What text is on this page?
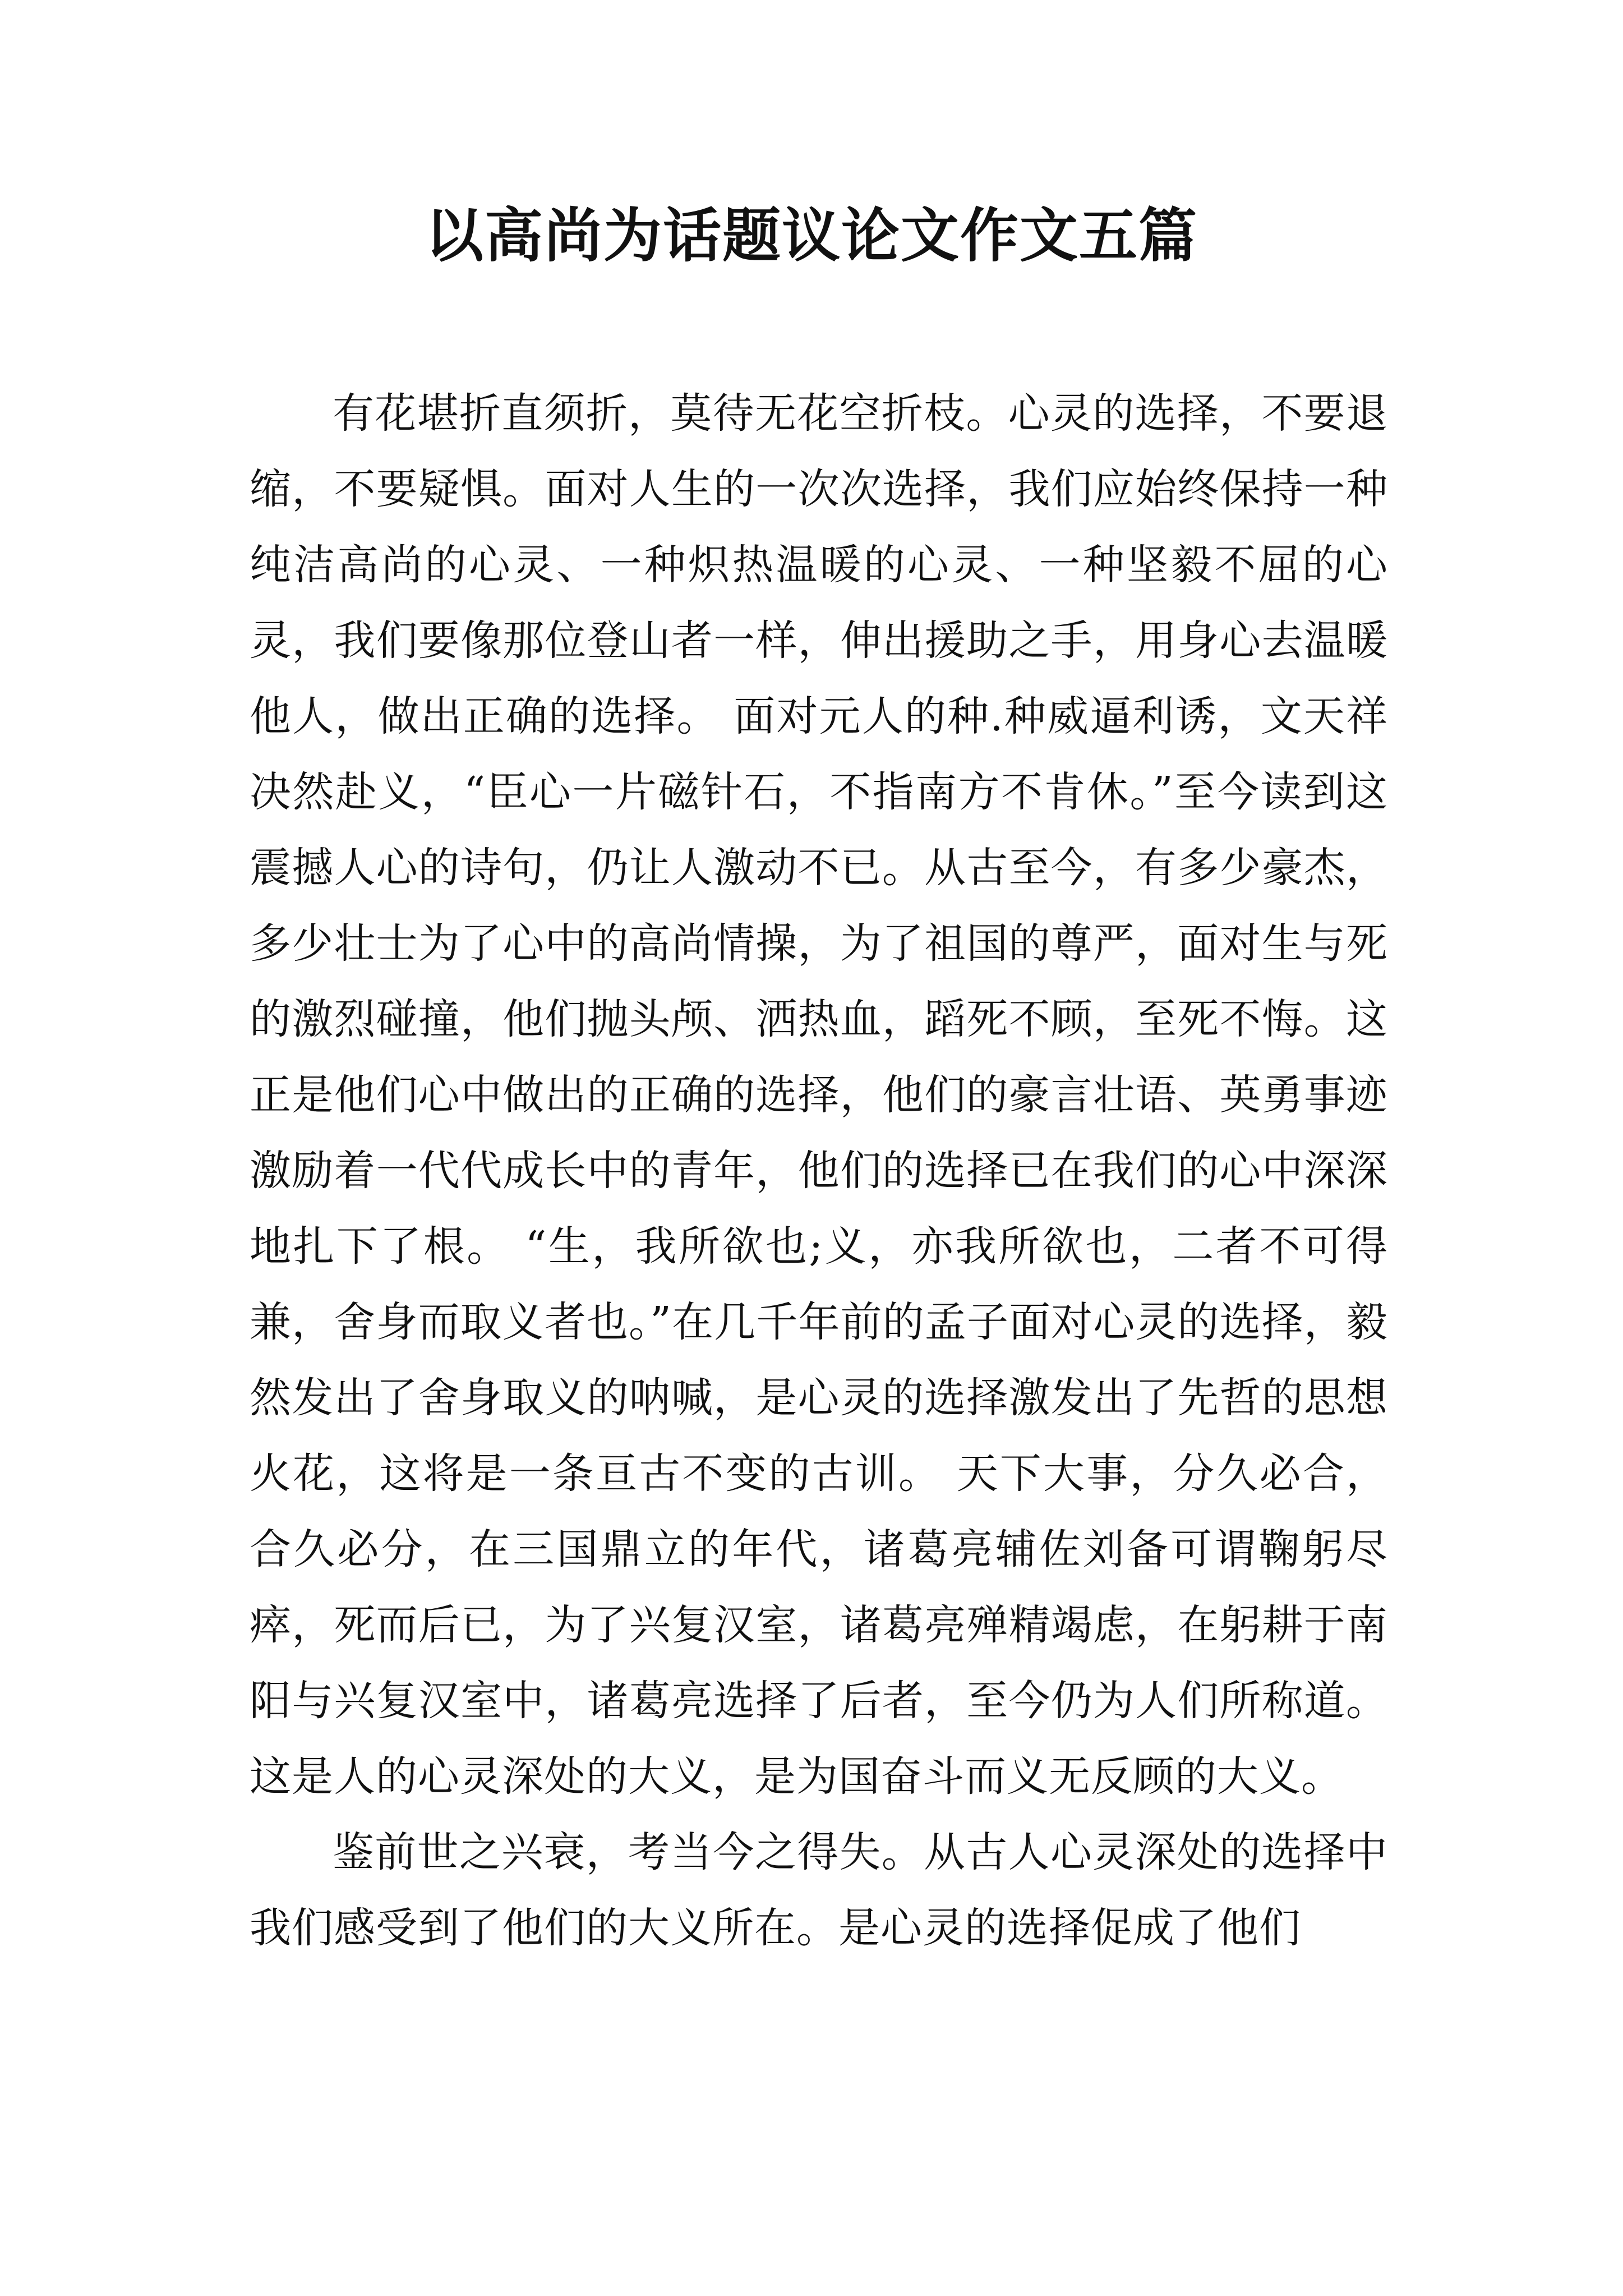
以高尚为话题议论文作文五篇

有花堪折直须折，莫待无花空折枝。心灵的选择，不要退缩，不要疑惧。面对人生的一次次选择，我们应始终保持一种纯洁高尚的心灵、一种炽热温暖的心灵、一种坚毅不屈的心灵，我们要像那位登山者一样，伸出援助之手，用身心去温暖他人，做出正确的选择。 面对元人的种.种威逼利诱，文天祥决然赴义，“臣心一片磁针石，不指南方不肯休。”至今读到这震撼人心的诗句，仍让人激动不已。从古至今，有多少豪杰，多少壮士为了心中的高尚情操，为了祖国的尊严，面对生与死的激烈碰撞，他们抛头颅、洒热血，蹈死不顾，至死不悔。这正是他们心中做出的正确的选择，他们的豪言壮语、英勇事迹激励着一代代成长中的青年，他们的选择已在我们的心中深深地扎下了根。 “生，我所欲也;义，亦我所欲也，二者不可得兼，舍身而取义者也。”在几千年前的孟子面对心灵的选择，毅然发出了舍身取义的呐喊，是心灵的选择激发出了先哲的思想火花，这将是一条亘古不变的古训。 天下大事，分久必合，合久必分，在三国鼎立的年代，诸葛亮辅佐刘备可谓鞠躬尽瘁，死而后已，为了兴复汉室，诸葛亮殚精竭虑，在躬耕于南阳与兴复汉室中，诸葛亮选择了后者，至今仍为人们所称道。这是人的心灵深处的大义，是为国奋斗而义无反顾的大义。

鉴前世之兴衰，考当今之得失。从古人心灵深处的选择中我们感受到了他们的大义所在。是心灵的选择促成了他们
